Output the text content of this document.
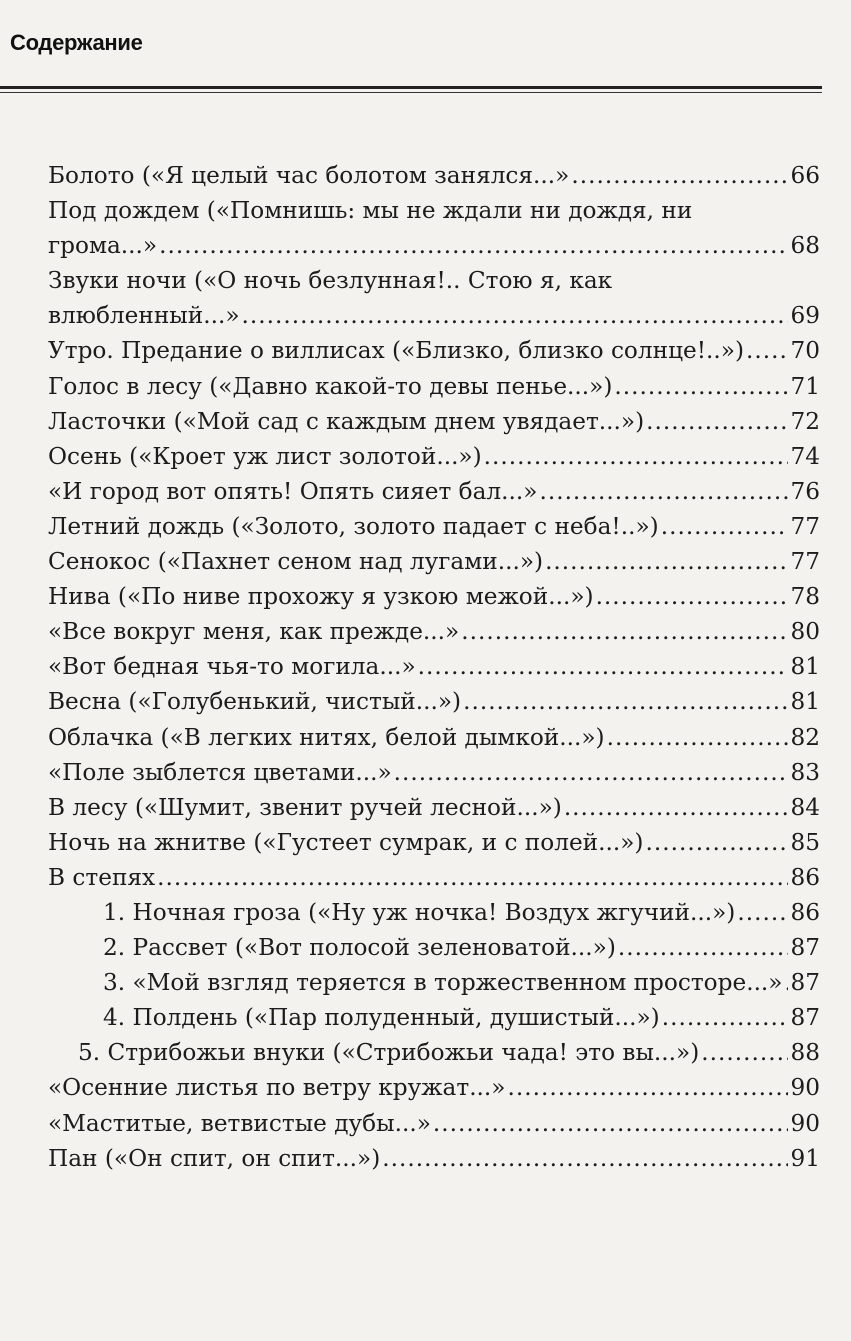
Содержание
Болото («Я целый час болотом занялся...» .....	66
Под дождем («Помнишь: мы не ждали ни дождя, ни
грома...» .....	68
Звуки ночи («О ночь безлунная!.. Стою я, как
влюбленный...» .....	69
Утро. Предание о виллисах («Близко, близко солнце!..») ..... 70
Голос в лесу («Давно какой-то девы пенье...») .....	71
Ласточки («Мой сад с каждым днем увядает...») .....	72
Осень («Кроет уж лист золотой...») .....	74
«И город вот опять! Опять сияет бал...» .....	76
Летний дождь («Золото, золото падает с неба!..») .....	77
Сенокос («Пахнет сеном над лугами...») .....	77
Нива («По ниве прохожу я узкою межой...») .....	78
«Все вокруг меня, как прежде...» .....	80
«Вот бедная чья-то могила...» .....	81
Весна («Голубенький, чистый...») .....	81
Облачка («В легких нитях, белой дымкой...») .....	82
«Поле зыблется цветами...» .....	83
В лесу («Шумит, звенит ручей лесной...») .....	84
Ночь на жнитве («Густеет сумрак, и с полей...») .....	85
В степях .....	86
1. Ночная гроза («Ну уж ночка! Воздух жгучий...») ..... 86
2. Рассвет («Вот полосой зеленоватой...») .....	87
3. «Мой взгляд теряется в торжественном просторе...» ..... 87
4. Полдень («Пар полуденный, душистый...») .....	87
5. Стрибожьи внуки («Стрибожьи чада! это вы...») .....	88
«Осенние листья по ветру кружат...» .....	90
«Маститые, ветвистые дубы...» .....	90
Пан («Он спит, он спит...») .....	91
